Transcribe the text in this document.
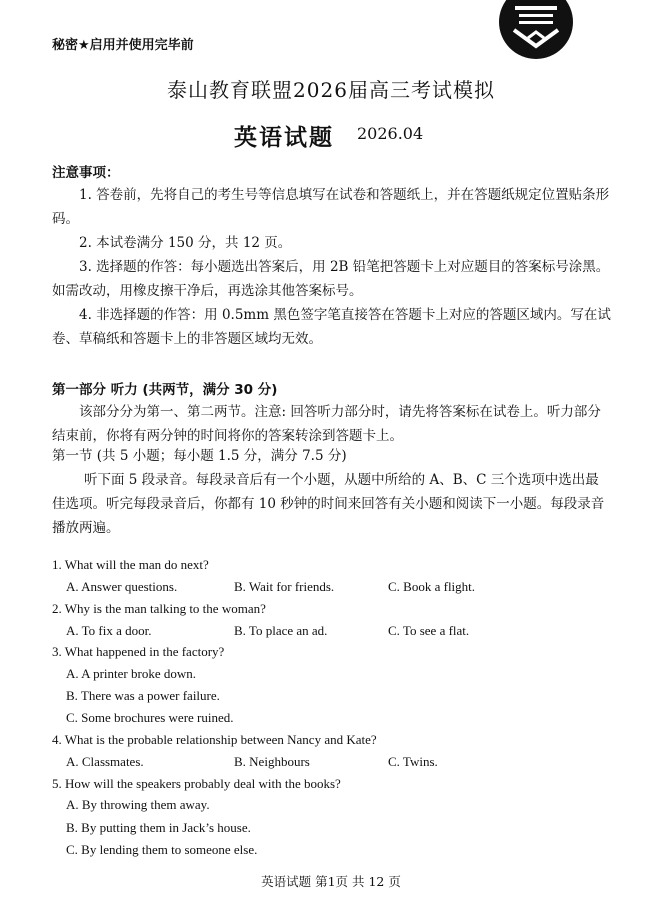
秘密★启用并使用完毕前
泰山教育联盟2026届高三考试模拟
英语试题 2026.04
注意事项：
1. 答卷前，先将自己的考生号等信息填写在试卷和答题纸上，并在答题纸规定位置贴条形码。
2. 本试卷满分 150 分，共 12 页。
3. 选择题的作答：每小题选出答案后，用 2B 铅笔把答题卡上对应题目的答案标号涂黑。如需改动，用橡皮擦干净后，再选涂其他答案标号。
4. 非选择题的作答：用 0.5mm 黑色签字笔直接答在答题卡上对应的答题区域内。写在试卷、草稿纸和答题卡上的非答题区域均无效。
第一部分 听力 (共两节，满分 30 分)
该部分分为第一、第二两节。注意: 回答听力部分时，请先将答案标在试卷上。听力部分结束前，你将有两分钟的时间将你的答案转涂到答题卡上。
第一节 (共 5 小题；每小题 1.5 分，满分 7.5 分)
听下面 5 段录音。每段录音后有一个小题，从题中所给的 A、B、C 三个选项中选出最佳选项。听完每段录音后，你都有 10 秒钟的时间来回答有关小题和阅读下一小题。每段录音播放两遍。
1. What will the man do next?
A. Answer questions.	B. Wait for friends.	C. Book a flight.
2. Why is the man talking to the woman?
A. To fix a door.	B. To place an ad.	C. To see a flat.
3. What happened in the factory?
A. A printer broke down.
B. There was a power failure.
C. Some brochures were ruined.
4. What is the probable relationship between Nancy and Kate?
A. Classmates.	B. Neighbours	C. Twins.
5. How will the speakers probably deal with the books?
A. By throwing them away.
B. By putting them in Jack’s house.
C. By lending them to someone else.
英语试题 第1页 共 12 页
